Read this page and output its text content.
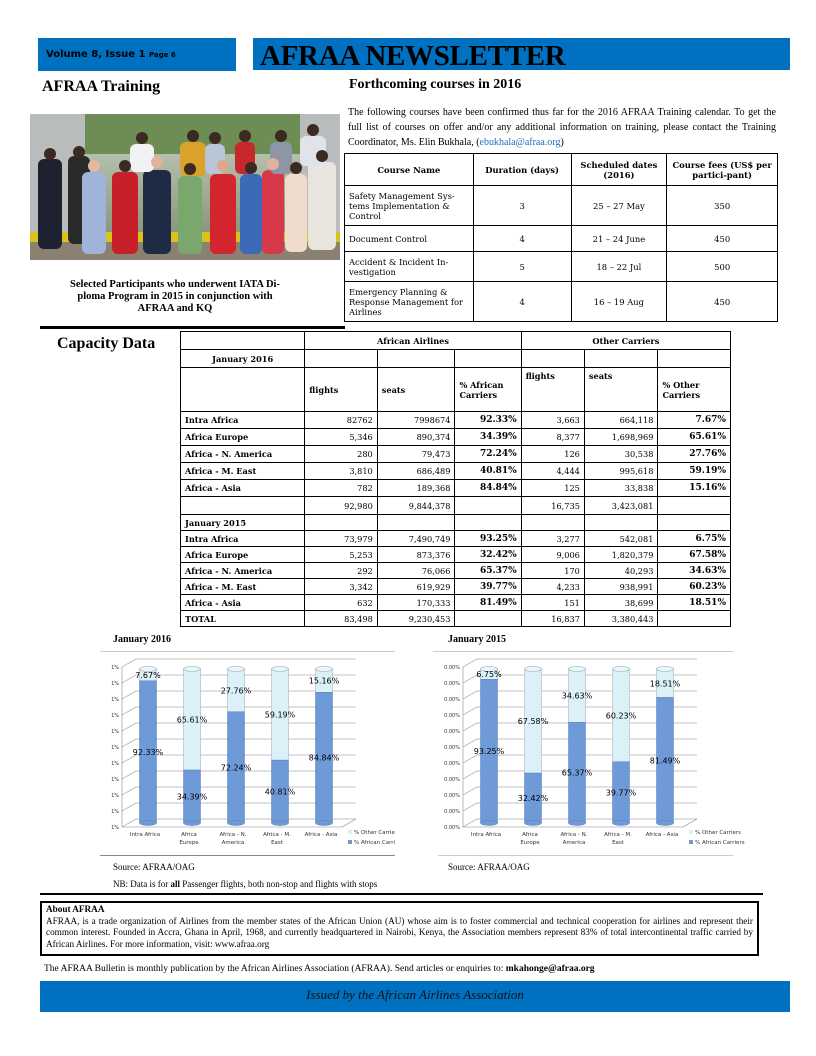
Volume 8, Issue 1 Page 6	AFRAA NEWSLETTER
AFRAA Training
Selected Participants who underwent IATA Di-
ploma Program in 2015 in conjunction with
AFRAA and KQ
Forthcoming courses in 2016
The following courses have been confirmed thus far for the 2016 AFRAA Training calendar. To get the full list of courses on offer and/or any additional information on training, please contact the Training Coordinator, Ms. Elin Bukhala, (ebukhala@afraa.org)
Course Name	Duration (days)	Scheduled dates (2016)	Course fees (US$ per partici-pant)
Safety Management Sys-tems Implementation & Control	3	25 – 27 May	350
Document Control	4	21 – 24 June	450
Accident & Incident In-vestigation	5	18 – 22 Jul	500
Emergency Planning & Response Management for Airlines	4	16 – 19 Aug	450
Capacity Data
		African Airlines			Other Carriers		
January 2016						
	flights	seats	% African Carriers	flights	seats	% Other Carriers
Intra Africa	82762	7998674	92.33%	3,663	664,118	7.67%
Africa Europe	5,346	890,374	34.39%	8,377	1,698,969	65.61%
Africa - N. America	280	79,473	72.24%	126	30,538	27.76%
Africa - M. East	3,810	686,489	40.81%	4,444	995,618	59.19%
Africa - Asia	782	189,368	84.84%	125	33,838	15.16%
	92,980	9,844,378		16,735	3,423,081	
January 2015						
Intra Africa	73,979	7,490,749	93.25%	3,277	542,081	6.75%
Africa Europe	5,253	873,376	32.42%	9,006	1,820,379	67.58%
Africa - N. America	292	76,066	65.37%	170	40,293	34.63%
Africa - M. East	3,342	619,929	39.77%	4,233	938,991	60.23%
Africa - Asia	632	170,333	81.49%	151	38,699	18.51%
TOTAL	83,498	9,230,453		16,837	3,380,443	
January 2016	January 2015
1%
1%
1%
1%
1%
1%
1%
1%
1%
1%
1%
7.67%
92.33%
Intra Africa
65.61%
34.39%
Africa
Europe
27.76%
72.24%
Africa - N.
America
59.19%
40.81%
Africa - M.
East
15.16%
84.84%
Africa - Asia	% Other Carrie
% African Carri
0.00%
0.00%
0.00%
0.00%
0.00%
0.00%
0.00%
0.00%
0.00%
0.00%
0.00%
6.75%
93.25%
Intra Africa
67.58%
32.42%
Africa
Europe
34.63%
65.37%
Africa - N.
America
60.23%
39.77%
Africa - M.
East
18.51%
81.49%
Africa - Asia	% Other Carriers
% African Carriers
Source: AFRAA/OAG	Source: AFRAA/OAG
NB: Data is for all Passenger flights, both non-stop and flights with stops
About AFRAA
AFRAA, is a trade organization of Airlines from the member states of the African Union (AU) whose aim is to foster commercial and technical cooperation for airlines and represent their common interest. Founded in Accra, Ghana in April, 1968, and currently headquartered in Nairobi, Kenya, the Association members represent 83% of total intercontinental traffic carried by African Airlines. For more information, visit: www.afraa.org
The AFRAA Bulletin is monthly publication by the African Airlines Association (AFRAA). Send articles or enquiries to: mkahonge@afraa.org
Issued by the African Airlines Association
